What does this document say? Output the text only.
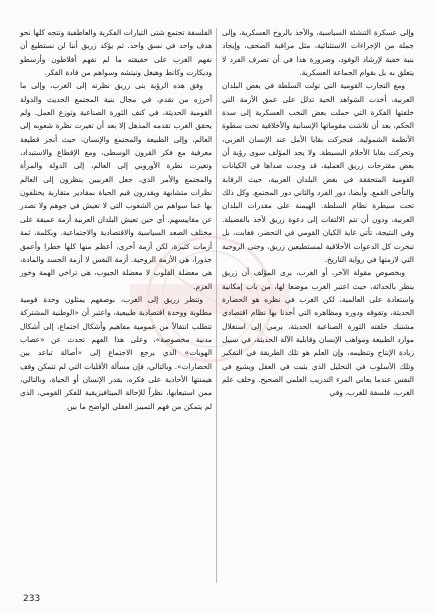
وإلى عسكرة التنشئة السياسية، والأخذ بالروح العسكرية، وإلى جملة من الإجراءات الاستثنائية، مثل مراقبة الصحف، وإيجاد بنية خفية لإرشاد الوفود، وضرورة هذا في أن تصرف الفرد لا يتعلق به بل بقوام الجماعة العسكرية.

ومع التجارب القومية التي تولت السلطة في بعض البلدان العربية، أخذت الشواهد الحية تدلل على عمق الأزمة التي خلفتها الفكرة التي حملت بعض النخب العسكرية إلى سدة الحكم، بعد أن تلاشت مقوماتها الإنسانية والأخلاقية تحت سطوة الأنظمة الشمولية. فتحركت بقايا الأمل عند الإنسان العربي، وتحركت بقايا الأحلام البسيطة. ولا يجد المؤلف سوى رؤية أن بعض مقترحات زريق العملية، قد وجدت صداها في الكيانات القومية المتحققة في بعض البلدان العربية، حيث الرقابة والتأخي القمع. وأيضا، دور الفرد والثاني دور المجتمع. وكل ذلك تحت سيطرة نظام السلطة. الهيمنة على مقدرات البلدان العربية، ودون أن تتم الالتفات إلى دعوة زريق لأخذ بالفضيلة. وفي النتيجة، تأتي غاية الكيان القومي في التحضر، فغابت، بل تبخرت كل الدعوات الأخلاقية لمستطيعين زريق، وحتى الروحية التي لازمتها في رواية التاريخ.

وبخصوص مقولة الآخر، أو الغرب، يرى المؤلف أن زريق ينظر بالحداثة، حيث اعتبر الغرب موضعا لها، من باب إمكانية واستعادة على العالمية، لكن الغرب في نظره هو الحضارة الحديثة، وتفوقه ودوره ومظاهره التي أخذنا بها نظام اقتصادي مشتبك خلقته الثورة الصناعية الحديثة، يرمي إلى استغلال موارد الطبيعة ومواهب الإنسان وقابلية الآلة الحديثة، في سبيل زيادة الإنتاج وتنظيمه، وإن العلم هو تلك الطريقة في التفكير وتلك الأسلوب في التحليل الذي يثبت في العقل ويشيع في النفس عندما يعاني المرء التدريب العلمي الصحيح. وخلف علم الغرب، فلسفة للغرب، وفي

الفلسفة تجتمع شتى التيارات الفكرية والعاطفية وتتجه كلها نحو هدف واحد في نسق واحد. ثم يؤكد زريق أننا لن نستطيع أن نفهم الغرب على حقيقته ما لم نفهم أفلاطون وأرسطو وديكارت وكانط وهيغل ونيتشه وسواهم من قادة الفكر.

وفق هذه الرؤية بنى زريق نظرته إلى الغرب، وإلى ما أحرزه من تقدم، في مجال بنية المجتمع الحديث والدولة القومية الحديثة، في كنف الثورة الصناعية وتوزع العمل. ولم يحقق الغرب تقدمه المذهل إلا بعد أن تغيرت نظرة شعوبه إلى العالم، وإلى الطبيعة والمجتمع والإنسان، حيث أنجز قطيعة معرفية مع فكر القرون الوسطى، ومع الإقطاع والاستبداد، وتغيرت نظرة الأوروبي إلى العالم، إلى الدولة والمرأة والمجتمع والأمر الذي، جعل الغربيين ينظرون إلى العالم نظرات متشابهة ويقدرون قيم الحياة بمقادير متقاربة يختلفون بها عما سواهم من الشعوب التي لا تعيش في جوهم ولا تصدر عن مقاييسهم. أي حين تعيش البلدان العربية أزمة عميقة على مختلف الصعد السياسية والاقتصادية والاجتماعية. وبكلمة، ثمة أزمات كثيرة، لكن أزمة أخرى، أعظم منها كلها خطرا وأعمق جذورا، هي الأزمة الروحية. أزمة النفس لا أزمة الجسد والمادة، هي معضلة القلوب لا معضلة الجيوب، هي تراخي الهمة وخور العزم.

وتنظر زريق إلى الغرب، بوصفهم يمثلون وحدة قومية مطلوبة ووحدة اقتصادية طبيعية، واعتبر أن «الوطنية المشتركة تتطلب انتقالاً من عمومية مفاهيم وأشكال اجتماع، إلى أشكال مدنية مخصوصة»، وعلى هذا الفهم تحدث عن «عصاب الهويات» الذي يرجع الاجتماع إلى «أصالة تباعد بين الحضارات». وبالتالي، فإن مسألة الأقليات التي لم تتمكن وقف هيمنتها الأحادية على فكره، يقدر الإنسان أو الحياة، وبالتالي، ممن استيعابها، نظراً للإحالة الميتافيزيقية للفكر القومي، الذي لم يتمكن من فهم التمييز العقلي الواضح ما بين

233
